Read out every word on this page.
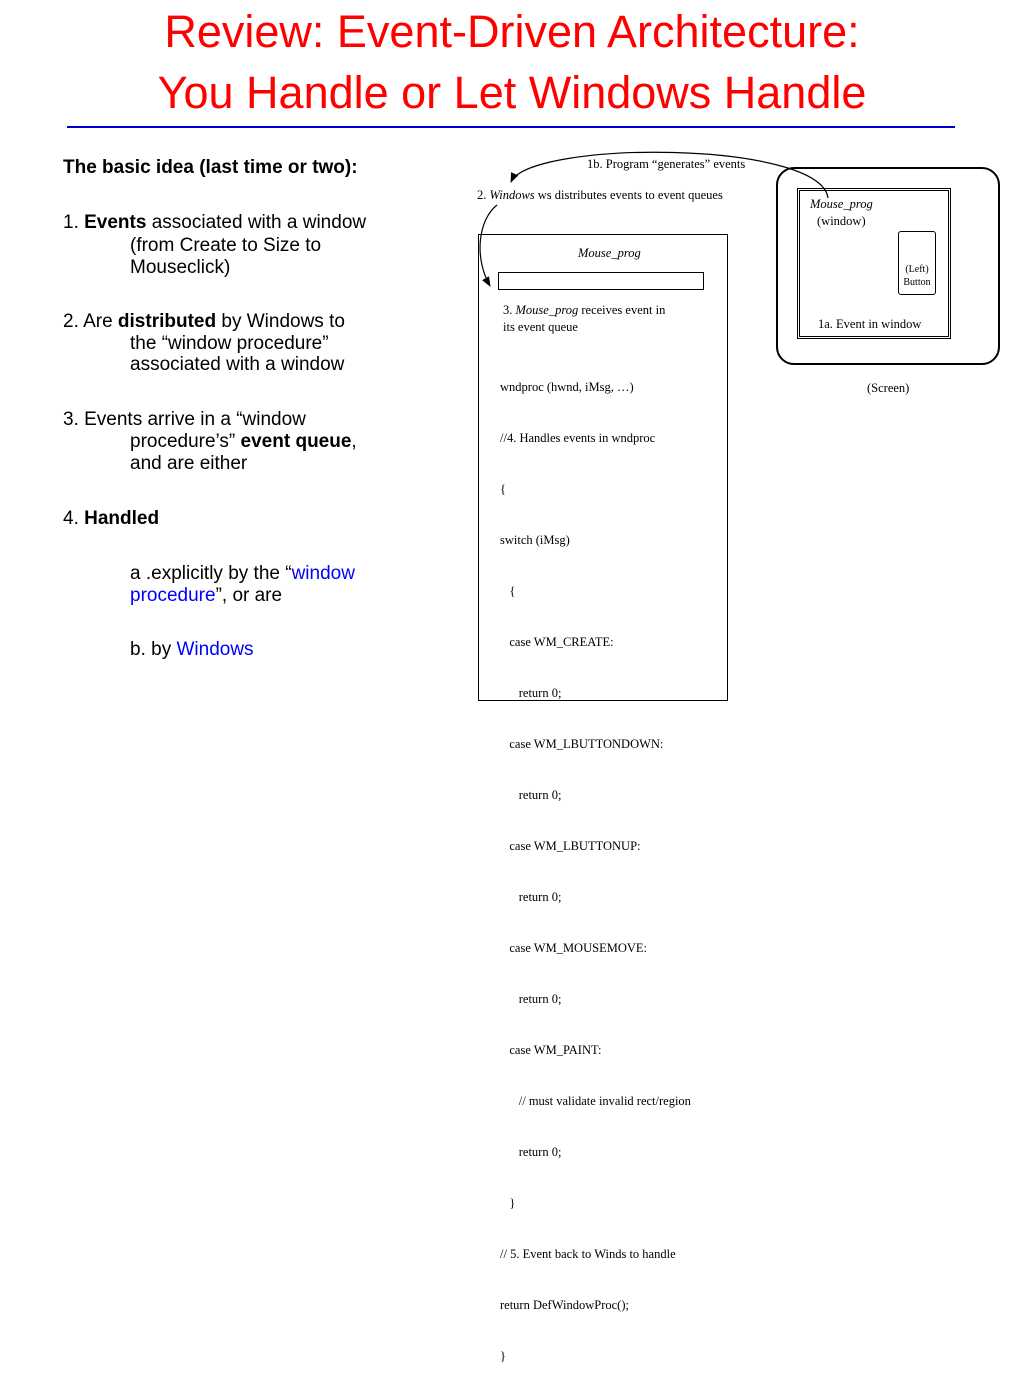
Review: Event-Driven Architecture:
You Handle or Let Windows Handle
The basic idea (last time or two):
1. Events associated with a window
(from Create to Size to
Mouseclick)
2. Are distributed by Windows to
the “window procedure”
associated with a window
3. Events arrive in a “window
procedure’s” event queue,
and are either
4. Handled
a .explicitly by the “window
procedure”, or are
b. by Windows
1b. Program “generates” events
2. Windows ws distributes events to event queues
Mouse_prog
3. Mouse_prog receives event in
its event queue

wndproc (hwnd, iMsg, …)

//4. Handles events in wndproc

{

switch (iMsg)

{

case WM_CREATE:

return 0;

case WM_LBUTTONDOWN:

return 0;

case WM_LBUTTONUP:

return 0;

case WM_MOUSEMOVE:

return 0;

case WM_PAINT:

// must validate invalid rect/region

return 0;

}

// 5. Event back to Winds to handle

return DefWindowProc();

}

Mouse_prog
(window)
(Left)
Button
1a. Event in window
(Screen)
